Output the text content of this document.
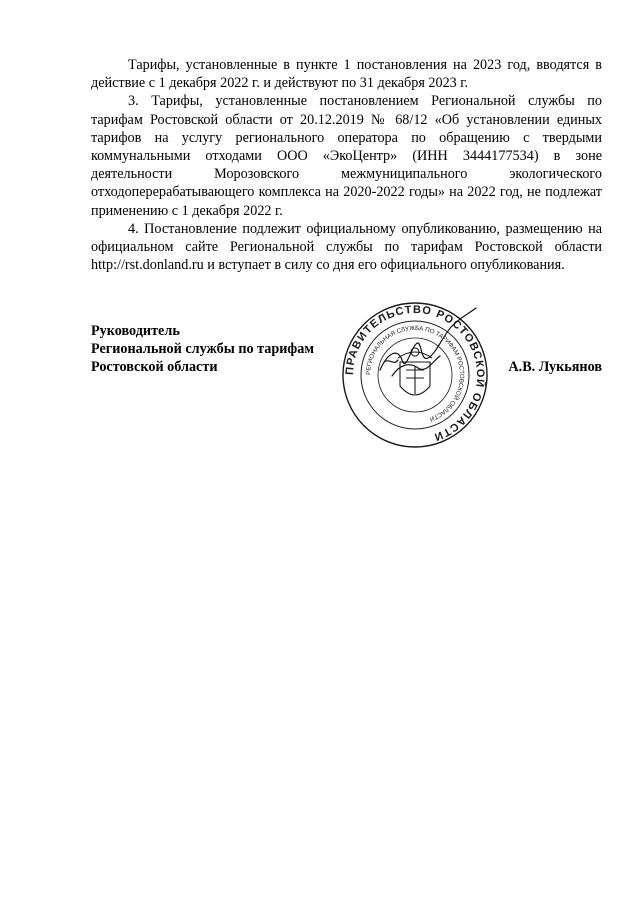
Тарифы, установленные в пункте 1 постановления на 2023 год, вводятся в действие с 1 декабря 2022 г. и действуют по 31 декабря 2023 г.

3. Тарифы, установленные постановлением Региональной службы по тарифам Ростовской области от 20.12.2019 № 68/12 «Об установлении единых тарифов на услугу регионального оператора по обращению с твердыми коммунальными отходами ООО «ЭкоЦентр» (ИНН 3444177534) в зоне деятельности Морозовского межмуниципального экологического отходоперерабатывающего комплекса на 2020-2022 годы» на 2022 год, не подлежат применению с 1 декабря 2022 г.

4. Постановление подлежит официальному опубликованию, размещению на официальном сайте Региональной службы по тарифам Ростовской области http://rst.donland.ru и вступает в силу со дня его официального опубликования.

Руководитель
Региональной службы по тарифам
Ростовской области	А.В. Лукьянов
ПРАВИТЕЛЬСТВО РОСТОВСКОЙ ОБЛАСТИ
РЕГИОНАЛЬНАЯ СЛУЖБА ПО ТАРИФАМ РОСТОВСКОЙ ОБЛАСТИ
